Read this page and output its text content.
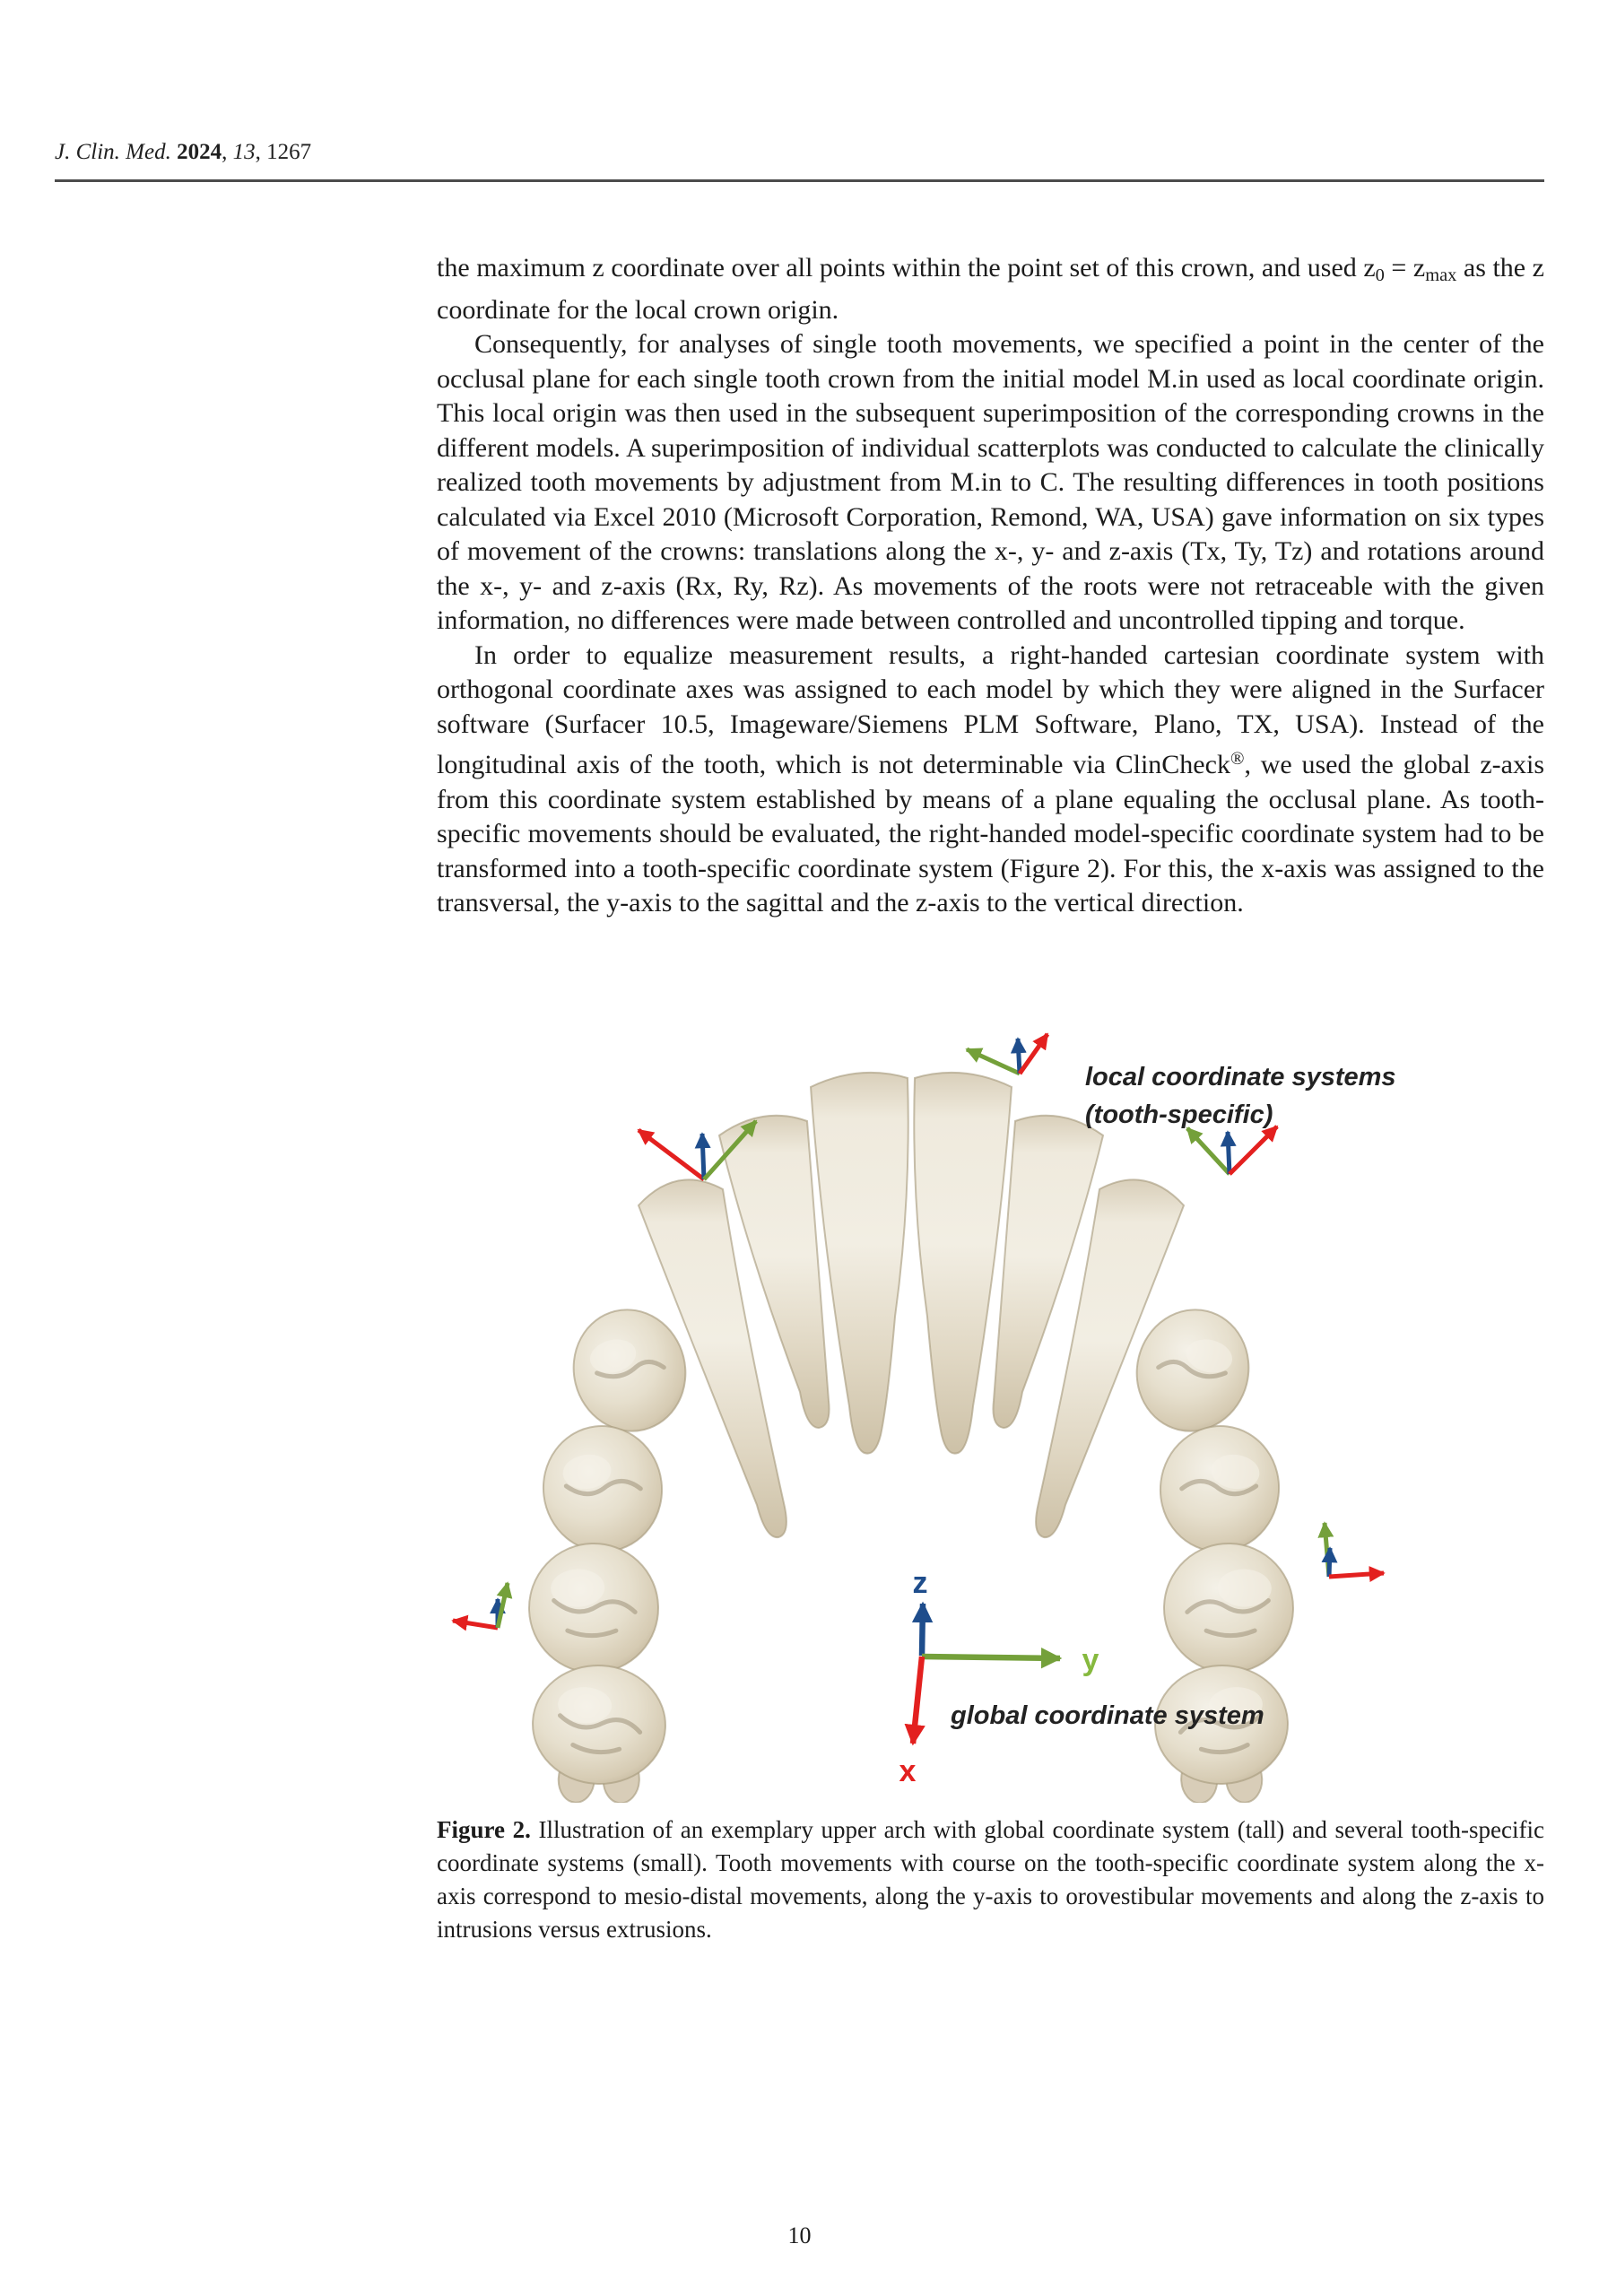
J. Clin. Med. 2024, 13, 1267

the maximum z coordinate over all points within the point set of this crown, and used z0 = zmax as the z coordinate for the local crown origin.

Consequently, for analyses of single tooth movements, we specified a point in the center of the occlusal plane for each single tooth crown from the initial model M.in used as local coordinate origin. This local origin was then used in the subsequent superimposition of the corresponding crowns in the different models. A superimposition of individual scatterplots was conducted to calculate the clinically realized tooth movements by adjustment from M.in to C. The resulting differences in tooth positions calculated via Excel 2010 (Microsoft Corporation, Remond, WA, USA) gave information on six types of movement of the crowns: translations along the x-, y- and z-axis (Tx, Ty, Tz) and rotations around the x-, y- and z-axis (Rx, Ry, Rz). As movements of the roots were not retraceable with the given information, no differences were made between controlled and uncontrolled tipping and torque.

In order to equalize measurement results, a right-handed cartesian coordinate system with orthogonal coordinate axes was assigned to each model by which they were aligned in the Surfacer software (Surfacer 10.5, Imageware/Siemens PLM Software, Plano, TX, USA). Instead of the longitudinal axis of the tooth, which is not determinable via ClinCheck®, we used the global z-axis from this coordinate system established by means of a plane equaling the occlusal plane. As tooth-specific movements should be evaluated, the right-handed model-specific coordinate system had to be transformed into a tooth-specific coordinate system (Figure 2). For this, the x-axis was assigned to the transversal, the y-axis to the sagittal and the z-axis to the vertical direction.

z
y
x
local coordinate systems
(tooth-specific)
global coordinate system
Figure 2. Illustration of an exemplary upper arch with global coordinate system (tall) and several tooth-specific coordinate systems (small). Tooth movements with course on the tooth-specific coordinate system along the x-axis correspond to mesio-distal movements, along the y-axis to orovestibular movements and along the z-axis to intrusions versus extrusions.
10
